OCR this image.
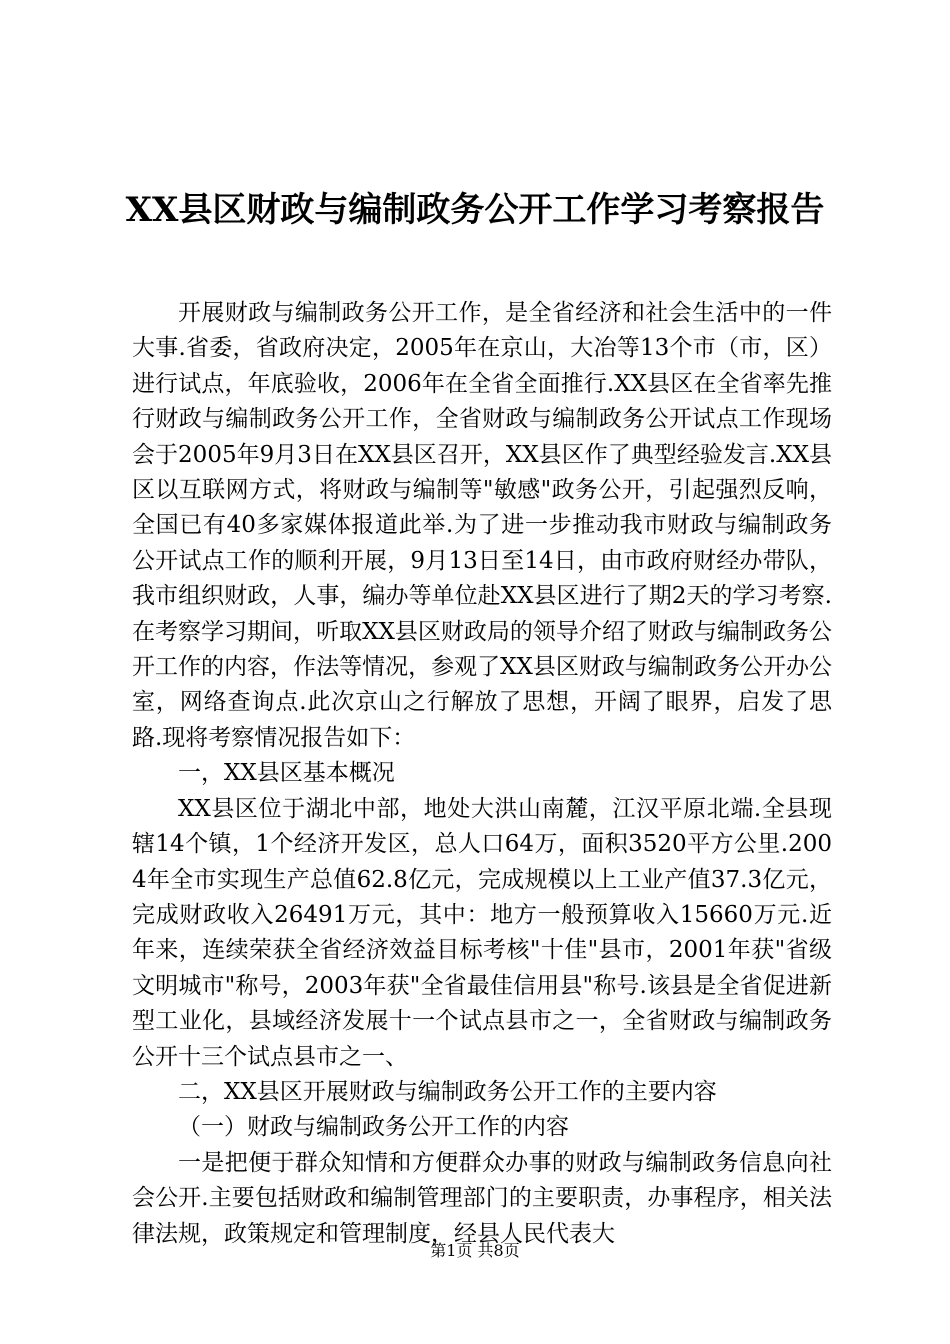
XX县区财政与编制政务公开工作学习考察报告

开展财政与编制政务公开工作，是全省经济和社会生活中的一件大事.省委，省政府决定，2005年在京山，大冶等13个市（市，区）进行试点，年底验收，2006年在全省全面推行.XX县区在全省率先推行财政与编制政务公开工作，全省财政与编制政务公开试点工作现场会于2005年9月3日在XX县区召开，XX县区作了典型经验发言.XX县区以互联网方式，将财政与编制等"敏感"政务公开，引起强烈反响，全国已有40多家媒体报道此举.为了进一步推动我市财政与编制政务公开试点工作的顺利开展，9月13日至14日，由市政府财经办带队，我市组织财政，人事，编办等单位赴XX县区进行了期2天的学习考察.在考察学习期间，听取XX县区财政局的领导介绍了财政与编制政务公开工作的内容，作法等情况，参观了XX县区财政与编制政务公开办公室，网络查询点.此次京山之行解放了思想，开阔了眼界，启发了思路.现将考察情况报告如下：

一，XX县区基本概况

XX县区位于湖北中部，地处大洪山南麓，江汉平原北端.全县现辖14个镇，1个经济开发区，总人口64万，面积3520平方公里.2004年全市实现生产总值62.8亿元，完成规模以上工业产值37.3亿元，完成财政收入26491万元，其中：地方一般预算收入15660万元.近年来，连续荣获全省经济效益目标考核"十佳"县市，2001年获"省级文明城市"称号，2003年获"全省最佳信用县"称号.该县是全省促进新型工业化，县域经济发展十一个试点县市之一，全省财政与编制政务公开十三个试点县市之一、

二，XX县区开展财政与编制政务公开工作的主要内容

（一）财政与编制政务公开工作的内容

一是把便于群众知情和方便群众办事的财政与编制政务信息向社会公开.主要包括财政和编制管理部门的主要职责，办事程序，相关法律法规，政策规定和管理制度，经县人民代表大

第1页 共8页
